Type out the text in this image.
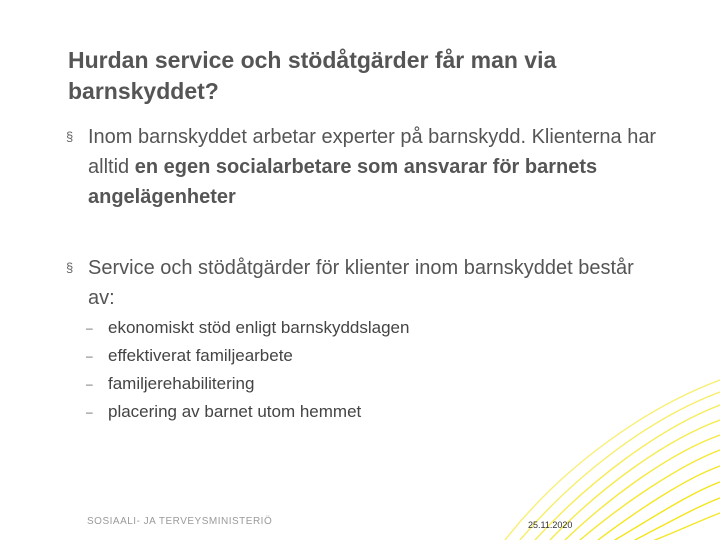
Hurdan service och stödåtgärder får man via barnskyddet?
§ Inom barnskyddet arbetar experter på barnskydd. Klienterna har alltid en egen socialarbetare som ansvarar för barnets angelägenheter
§ Service och stödåtgärder för klienter inom barnskyddet består av:
– ekonomiskt stöd enligt barnskyddslagen
– effektiverat familjearbete
– familjerehabilitering
– placering av barnet utom hemmet
SOSIAALI- JA TERVEYSMINISTERIÖ	25.11.2020
